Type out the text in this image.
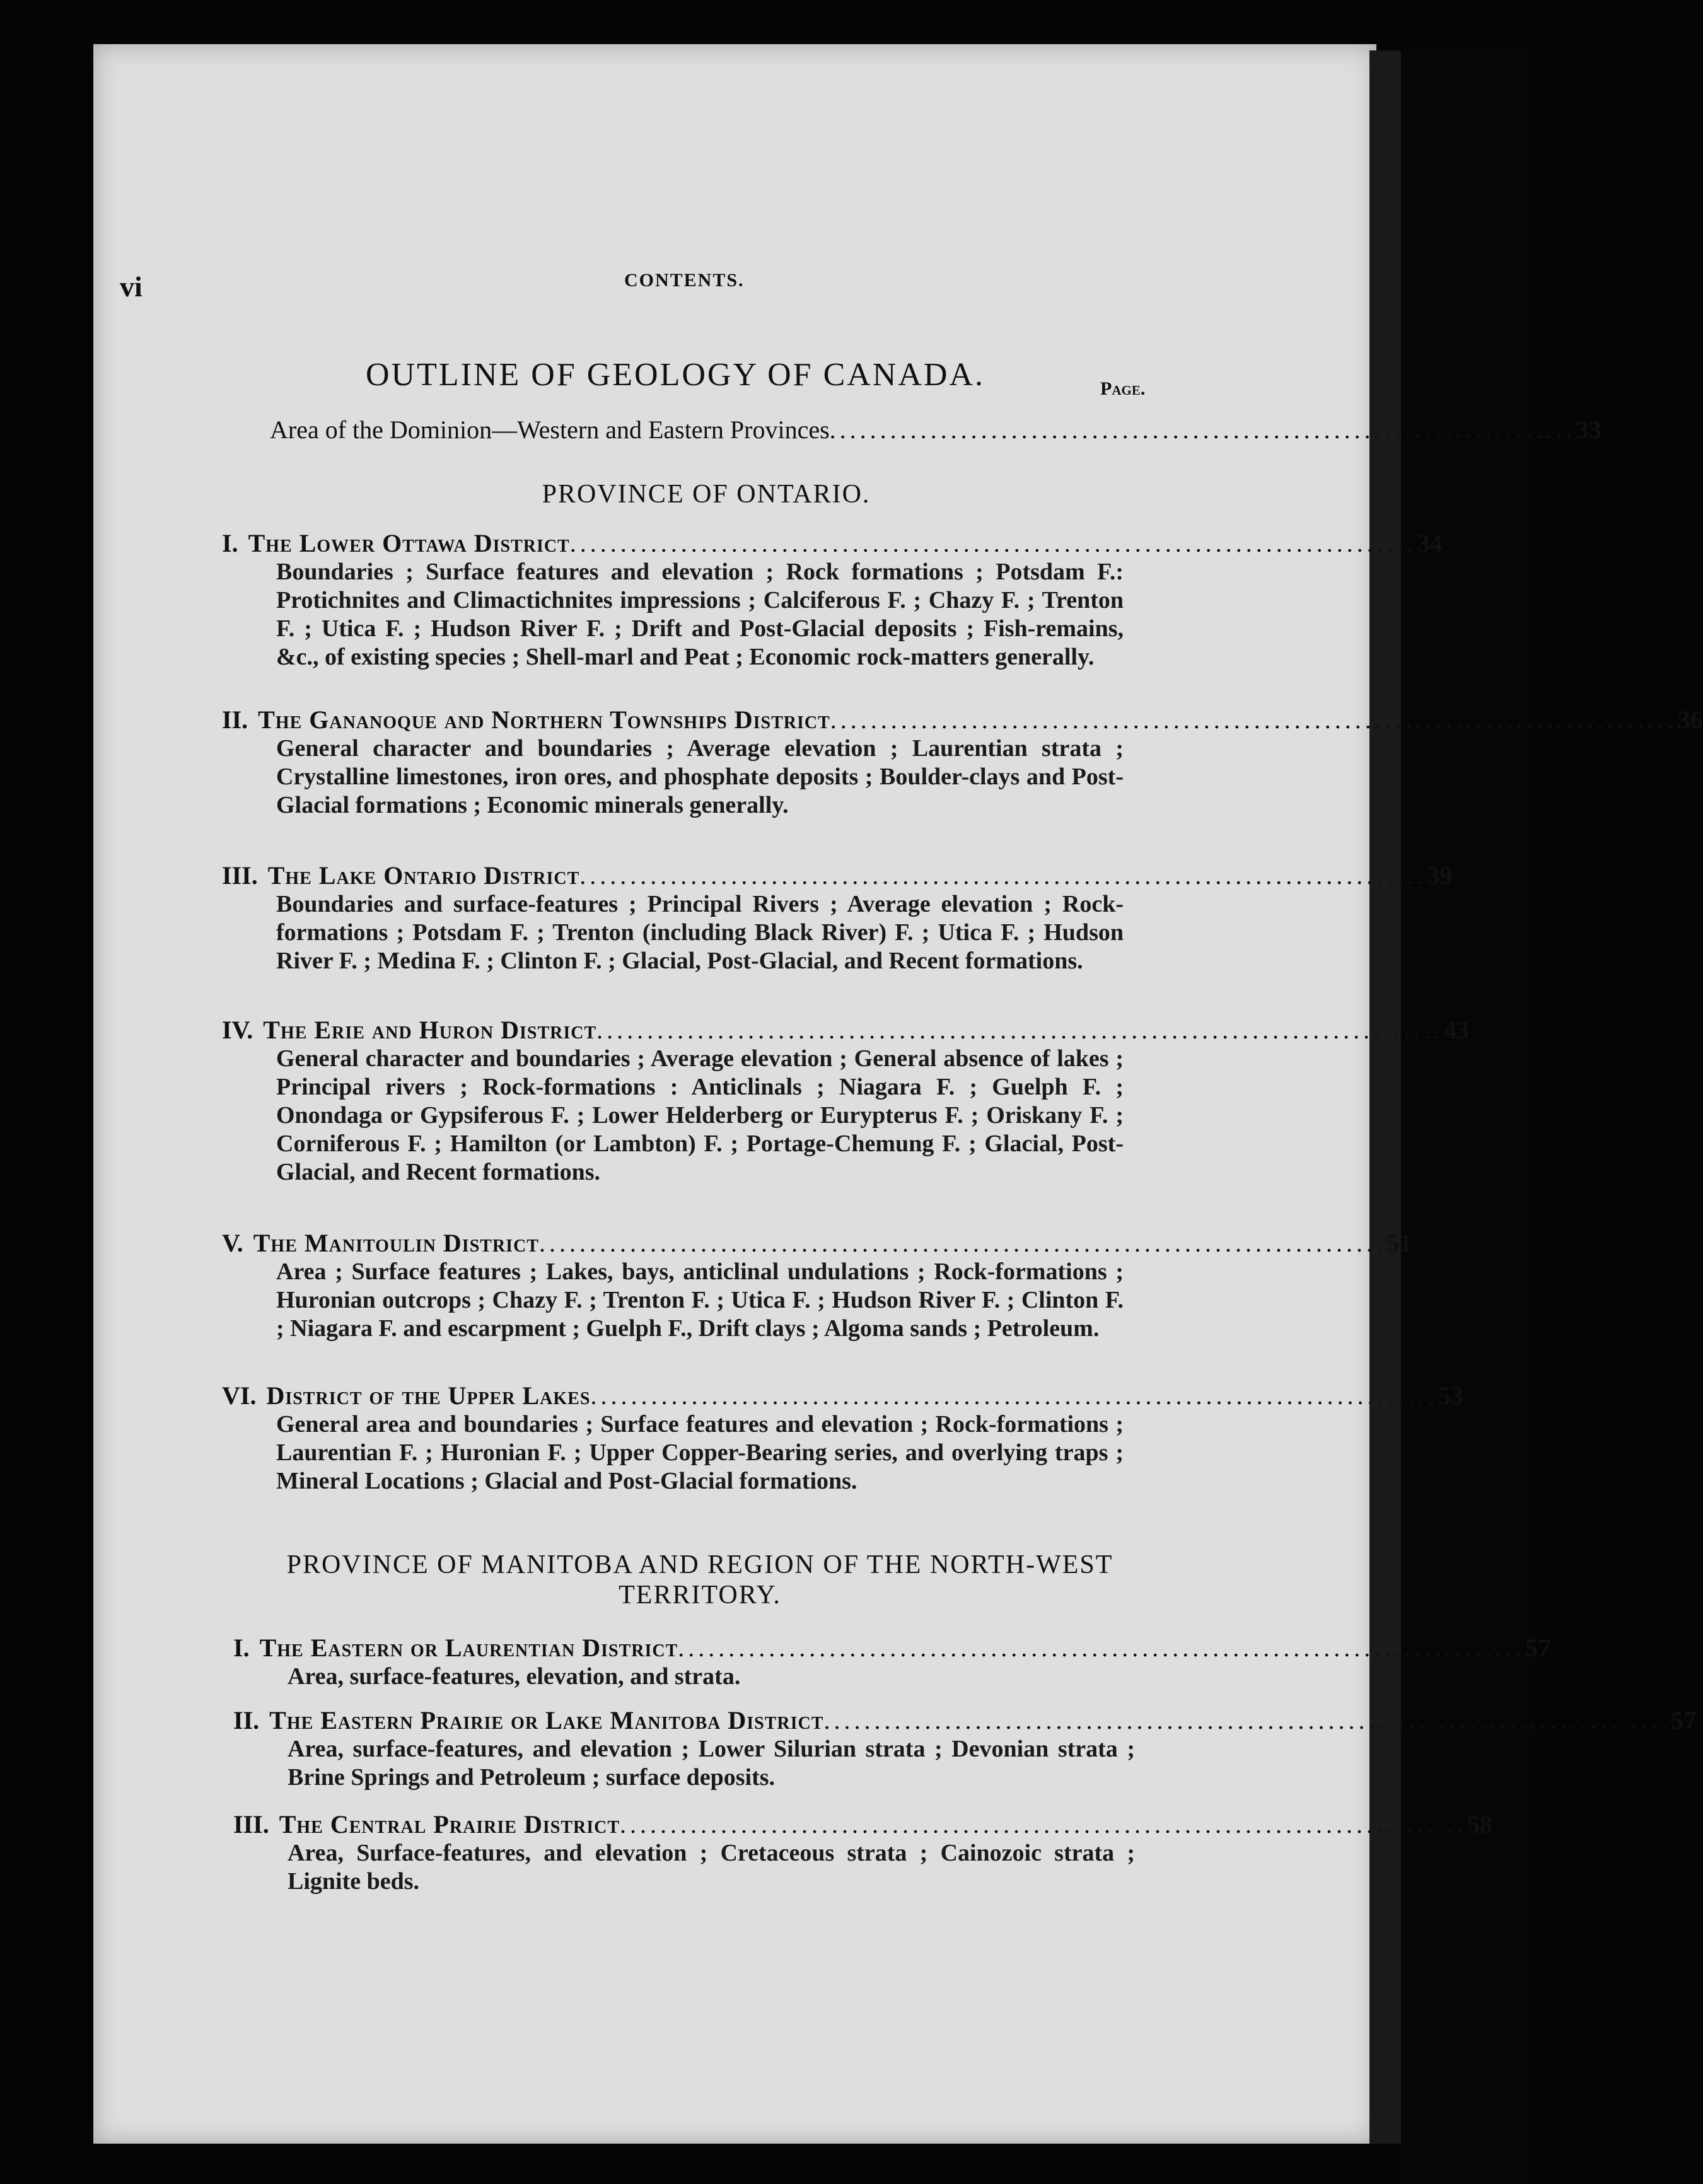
vi	CONTENTS.
OUTLINE OF GEOLOGY OF CANADA.	Page.
Area of the Dominion—Western and Eastern Provinces .......................................................................... 33
PROVINCE OF ONTARIO.
I. The Lower Ottawa District .................................................................................... 34
Boundaries ; Surface features and elevation ; Rock formations ; Potsdam F.: Protichnites and Climactichnites impressions ; Calciferous F. ; Chazy F. ; Trenton F. ; Utica F. ; Hudson River F. ; Drift and Post-Glacial deposits ; Fish-remains, &c., of existing species ; Shell-marl and Peat ; Economic rock-matters generally.
II. The Gananoque and Northern Townships District .................................................................................... 36
General character and boundaries ; Average elevation ; Laurentian strata ; Crystalline limestones, iron ores, and phosphate deposits ; Boulder-clays and Post-Glacial formations ; Economic minerals generally.
III. The Lake Ontario District .................................................................................... 39
Boundaries and surface-features ; Principal Rivers ; Average elevation ; Rock-formations ; Potsdam F. ; Trenton (including Black River) F. ; Utica F. ; Hudson River F. ; Medina F. ; Clinton F. ; Glacial, Post-Glacial, and Recent formations.
IV. The Erie and Huron District .................................................................................... 43
General character and boundaries ; Average elevation ; General absence of lakes ; Principal rivers ; Rock-formations : Anticlinals ; Niagara F. ; Guelph F. ; Onondaga or Gypsiferous F. ; Lower Helderberg or Eurypterus F. ; Oriskany F. ; Corniferous F. ; Hamilton (or Lambton) F. ; Portage-Chemung F. ; Glacial, Post-Glacial, and Recent formations.
V. The Manitoulin District .................................................................................... 51
Area ; Surface features ; Lakes, bays, anticlinal undulations ; Rock-formations ; Huronian outcrops ; Chazy F. ; Trenton F. ; Utica F. ; Hudson River F. ; Clinton F. ; Niagara F. and escarpment ; Guelph F., Drift clays ; Algoma sands ; Petroleum.
VI. District of the Upper Lakes .................................................................................... 53
General area and boundaries ; Surface features and elevation ; Rock-formations ; Laurentian F. ; Huronian F. ; Upper Copper-Bearing series, and overlying traps ; Mineral Locations ; Glacial and Post-Glacial formations.
PROVINCE OF MANITOBA AND REGION OF THE NORTH-WEST
TERRITORY.
I. The Eastern or Laurentian District .................................................................................... 57
Area, surface-features, elevation, and strata.
II. The Eastern Prairie or Lake Manitoba District .................................................................................... 57
Area, surface-features, and elevation ; Lower Silurian strata ; Devonian strata ; Brine Springs and Petroleum ; surface deposits.
III. The Central Prairie District .................................................................................... 58
Area, Surface-features, and elevation ; Cretaceous strata ; Cainozoic strata ; Lignite beds.
